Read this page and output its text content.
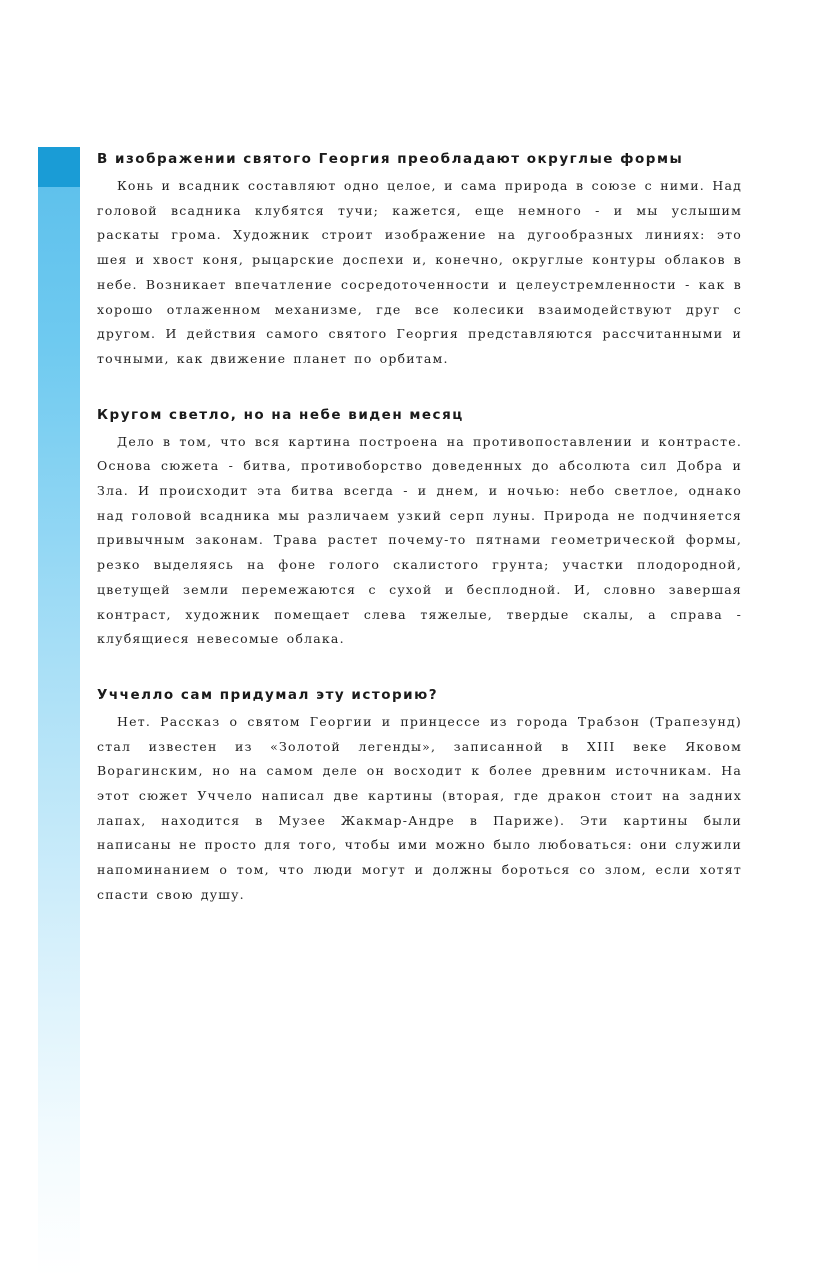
В изображении святого Георгия преобладают округлые формы

Конь и всадник составляют одно целое, и сама природа в союзе с ними. Над головой всадника клубятся тучи; кажется, еще немного - и мы услышим раскаты грома. Художник строит изображение на дугообразных линиях: это шея и хвост коня, рыцарские доспехи и, конечно, округлые контуры облаков в небе. Возникает впечатление сосредоточенности и целеустремленности - как в хорошо отлаженном механизме, где все колесики взаимодействуют друг с другом. И действия самого святого Георгия представляются рассчитанными и точными, как движение планет по орбитам.

Кругом светло, но на небе виден месяц

Дело в том, что вся картина построена на противопоставлении и контрасте. Основа сюжета - битва, противоборство доведенных до абсолюта сил Добра и Зла. И происходит эта битва всегда - и днем, и ночью: небо светлое, однако над головой всадника мы различаем узкий серп луны. Природа не подчиняется привычным законам. Трава растет почему-то пятнами геометрической формы, резко выделяясь на фоне голого скалистого грунта; участки плодородной, цветущей земли перемежаются с сухой и бесплодной. И, словно завершая контраст, художник помещает слева тяжелые, твердые скалы, а справа - клубящиеся невесомые облака.

Уччелло сам придумал эту историю?

Нет. Рассказ о святом Георгии и принцессе из города Трабзон (Трапезунд) стал известен из «Золотой легенды», записанной в XIII веке Яковом Ворагинским, но на самом деле он восходит к более древним источникам. На этот сюжет Уччело написал две картины (вторая, где дракон стоит на задних лапах, находится в Музее Жакмар-Андре в Париже). Эти картины были написаны не просто для того, чтобы ими можно было любоваться: они служили напоминанием о том, что люди могут и должны бороться со злом, если хотят спасти свою душу.
